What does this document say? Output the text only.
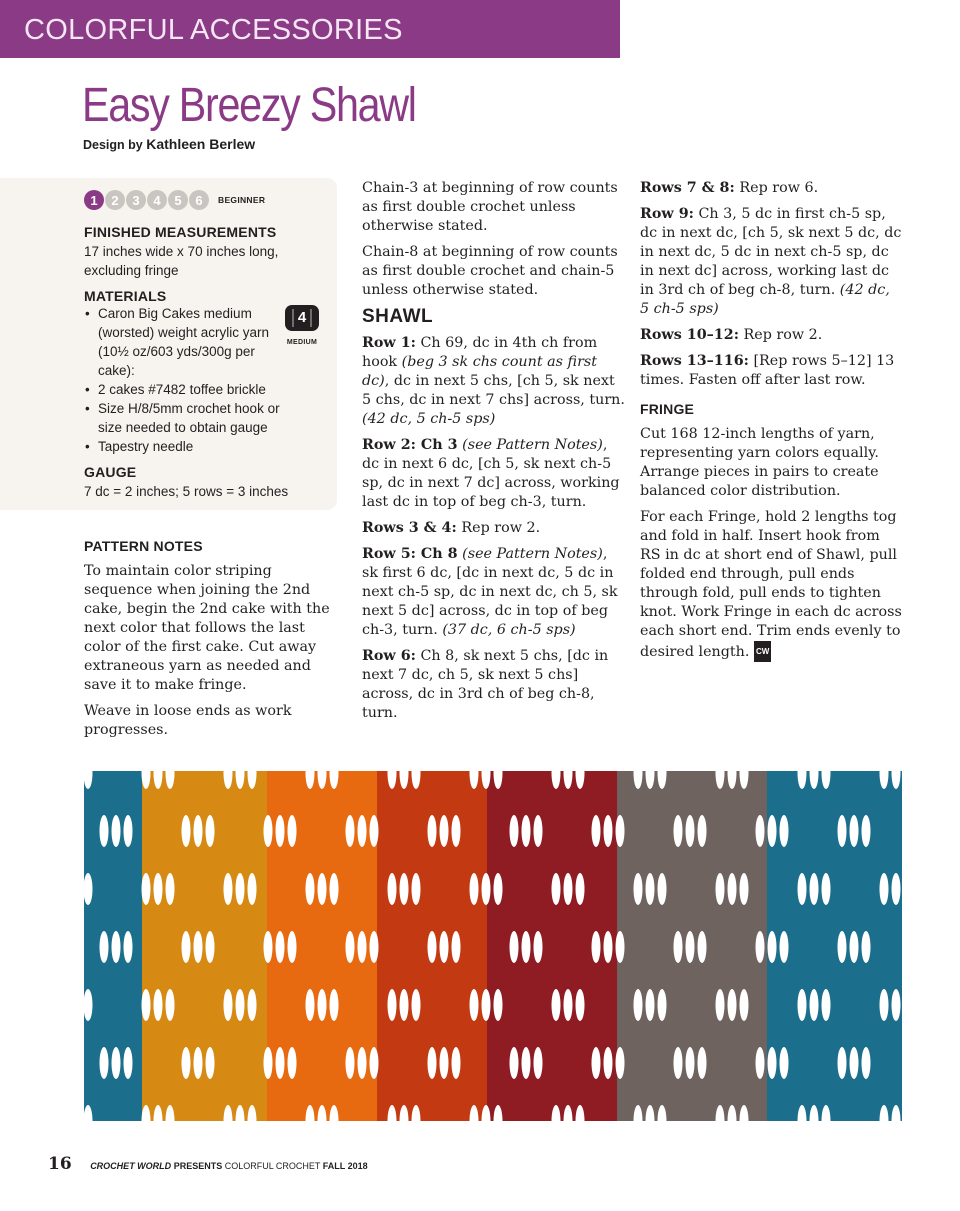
COLORFUL ACCESSORIES
Easy Breezy Shawl
Design by Kathleen Berlew
1	2	3	4	5	6	BEGINNER
FINISHED MEASUREMENTS
17 inches wide x 70 inches long, excluding fringe
MATERIALS
• Caron Big Cakes medium (worsted) weight acrylic yarn (10½ oz/603 yds/300g per cake):
• 2 cakes #7482 toffee brickle
• Size H/8/5mm crochet hook or size needed to obtain gauge
• Tapestry needle
4
MEDIUM
GAUGE
7 dc = 2 inches; 5 rows = 3 inches
PATTERN NOTES

To maintain color striping sequence when joining the 2nd cake, begin the 2nd cake with the next color that follows the last color of the first cake. Cut away extraneous yarn as needed and save it to make fringe.

Weave in loose ends as work progresses.

Chain-3 at beginning of row counts as first double crochet unless otherwise stated.

Chain-8 at beginning of row counts as first double crochet and chain-5 unless otherwise stated.

SHAWL

Row 1: Ch 69, dc in 4th ch from hook (beg 3 sk chs count as first dc), dc in next 5 chs, [ch 5, sk next 5 chs, dc in next 7 chs] across, turn. (42 dc, 5 ch-5 sps)

Row 2: Ch 3 (see Pattern Notes), dc in next 6 dc, [ch 5, sk next ch-5 sp, dc in next 7 dc] across, working last dc in top of beg ch-3, turn.

Rows 3 & 4: Rep row 2.

Row 5: Ch 8 (see Pattern Notes), sk first 6 dc, [dc in next dc, 5 dc in next ch-5 sp, dc in next dc, ch 5, sk next 5 dc] across, dc in top of beg ch-3, turn. (37 dc, 6 ch-5 sps)

Row 6: Ch 8, sk next 5 chs, [dc in next 7 dc, ch 5, sk next 5 chs] across, dc in 3rd ch of beg ch-8, turn.

Rows 7 & 8: Rep row 6.

Row 9: Ch 3, 5 dc in first ch-5 sp, dc in next dc, [ch 5, sk next 5 dc, dc in next dc, 5 dc in next ch-5 sp, dc in next dc] across, working last dc in 3rd ch of beg ch-8, turn. (42 dc, 5 ch-5 sps)

Rows 10–12: Rep row 2.

Rows 13–116: [Rep rows 5–12] 13 times. Fasten off after last row.

FRINGE

Cut 168 12-inch lengths of yarn, representing yarn colors equally. Arrange pieces in pairs to create balanced color distribution.

For each Fringe, hold 2 lengths tog and fold in half. Insert hook from RS in dc at short end of Shawl, pull folded end through, pull ends through fold, pull ends to tighten knot. Work Fringe in each dc across each short end. Trim ends evenly to desired length. CW

16 CROCHET WORLD PRESENTS COLORFUL CROCHET FALL 2018
